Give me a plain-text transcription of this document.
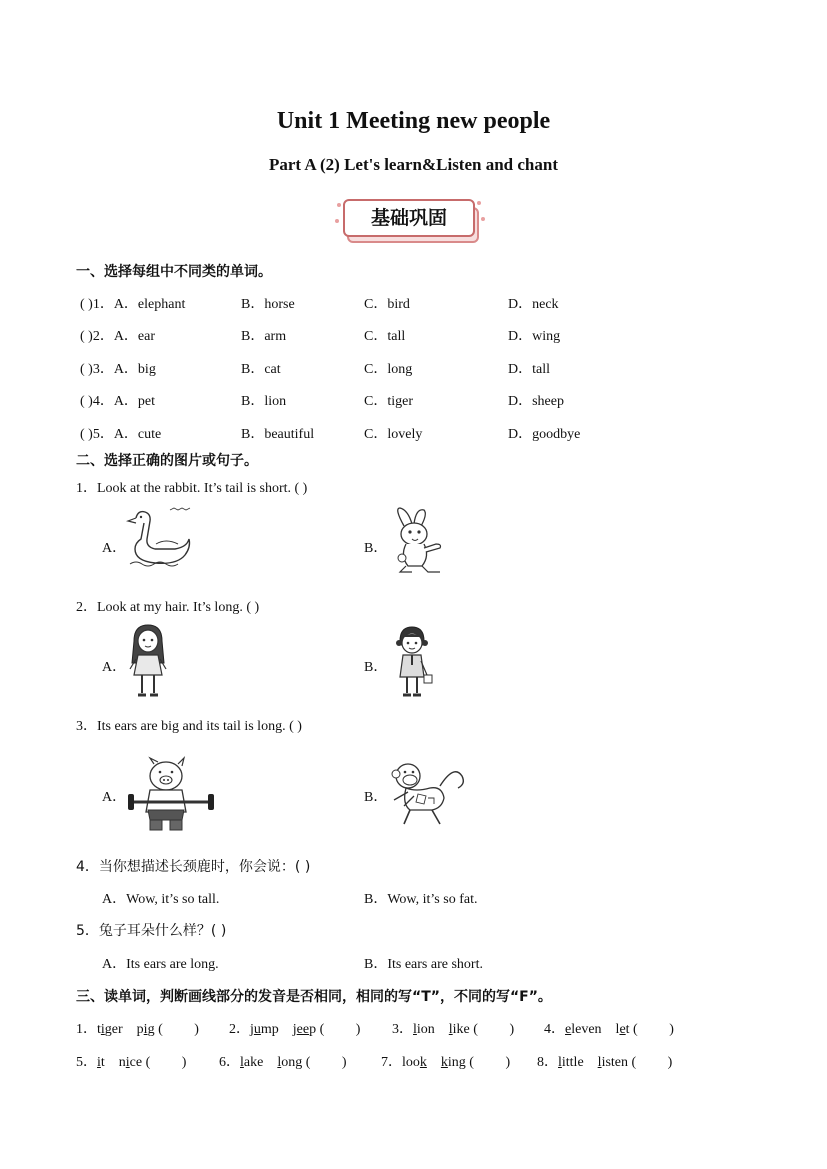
Unit 1 Meeting new people
Part A (2) Let's learn&Listen and chant
基础巩固
一、选择每组中不同类的单词。
( )1．A．elephant	B．horse	C．bird	D．neck
( )2．A．ear	B．arm	C．tall	D．wing
( )3．A．big	B．cat	C．long	D．tall
( )4．A．pet	B．lion	C．tiger	D．sheep
( )5．A．cute	B．beautiful	C．lovely	D．goodbye
二、选择正确的图片或句子。
1．Look at the rabbit. It’s tail is short. ( )
A．	B．
2．Look at my hair. It’s long. ( )
A．	B．
3．Its ears are big and its tail is long. ( )
A．	B．
4．当你想描述长颈鹿时，你会说：( )
A．Wow, it’s so tall.	B．Wow, it’s so fat.
5．兔子耳朵什么样？( )
A．Its ears are long.	B．Its ears are short.
三、读单词，判断画线部分的发音是否相同，相同的写“T”，不同的写“F”。
1．tiger    pig (         ) 2．jump    jeep (         ) 3．lion    like (         ) 4．eleven    let (         )
5．it    nice (         ) 6．lake    long (         ) 7．look king (         ) 8．little    listen (         )
